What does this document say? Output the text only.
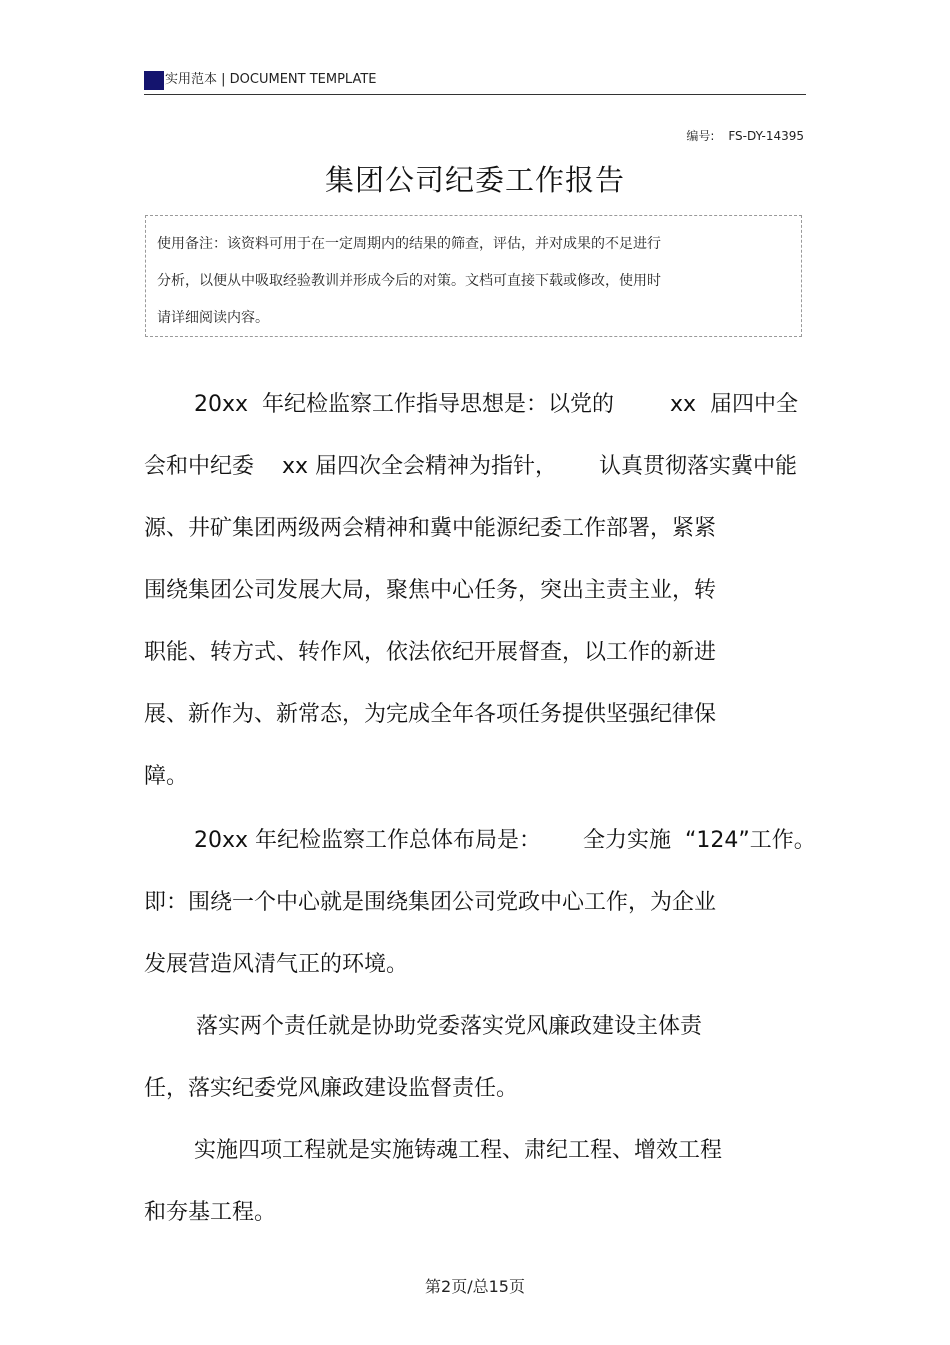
实用范本 | DOCUMENT TEMPLATE
编号: FS-DY-14395
集团公司纪委工作报告
使用备注：该资料可用于在一定周期内的结果的筛查，评估，并对成果的不足进行
分析，以便从中吸取经验教训并形成今后的对策。文档可直接下载或修改，使用时
请详细阅读内容。
20xx  年纪检监察工作指导思想是：以党的        xx  届四中全
会和中纪委    xx 届四次全会精神为指针，      认真贯彻落实冀中能
源、井矿集团两级两会精神和冀中能源纪委工作部署，紧紧
围绕集团公司发展大局，聚焦中心任务，突出主责主业，转
职能、转方式、转作风，依法依纪开展督查，以工作的新进
展、新作为、新常态，为完成全年各项任务提供坚强纪律保
障。
20xx 年纪检监察工作总体布局是：      全力实施  “124”工作。
即：围绕一个中心就是围绕集团公司党政中心工作，为企业
发展营造风清气正的环境。
落实两个责任就是协助党委落实党风廉政建设主体责
任，落实纪委党风廉政建设监督责任。
实施四项工程就是实施铸魂工程、肃纪工程、增效工程
和夯基工程。
第2页/总15页
